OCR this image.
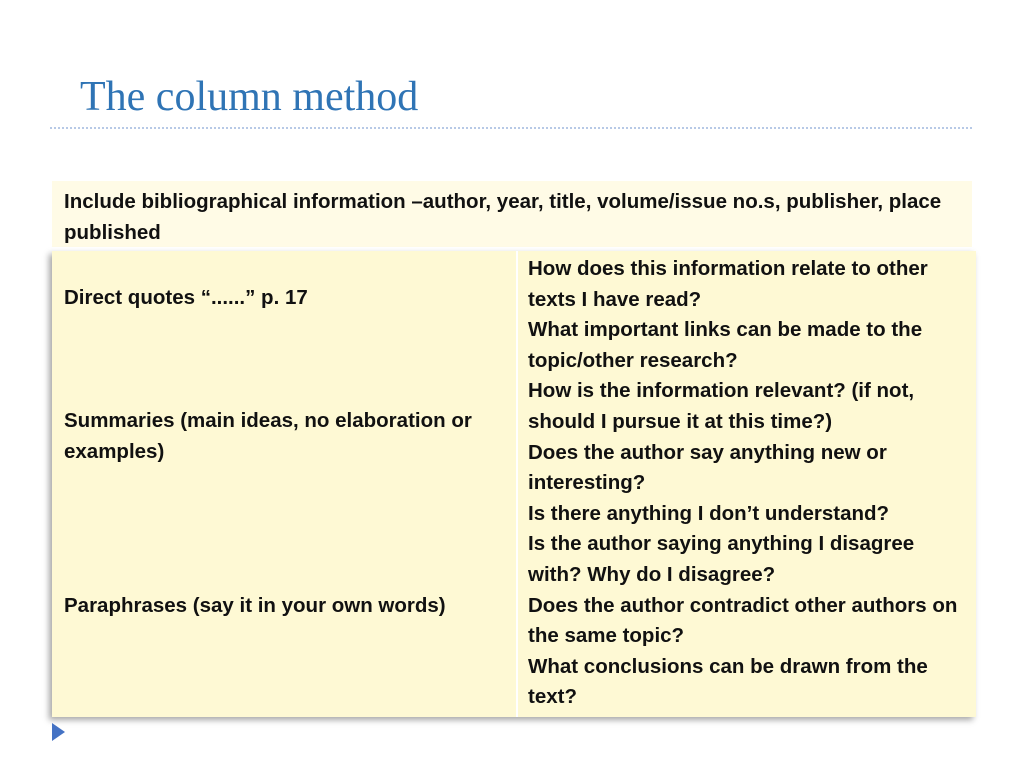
The column method
Include bibliographical information –author, year, title, volume/issue no.s, publisher, place published

Direct quotes “......” p. 17

Summaries (main ideas, no elaboration or examples)

Paraphrases (say it in your own words)

How does this information relate to other texts I have read?

What important links can be made to the topic/other research?

How is the information relevant? (if not, should I pursue it at this time?)

Does the author say anything new or interesting?

Is there anything I don’t understand?

Is the author saying anything I disagree with? Why do I disagree?

Does the author contradict other authors on the same topic?

What conclusions can be drawn from the text?
